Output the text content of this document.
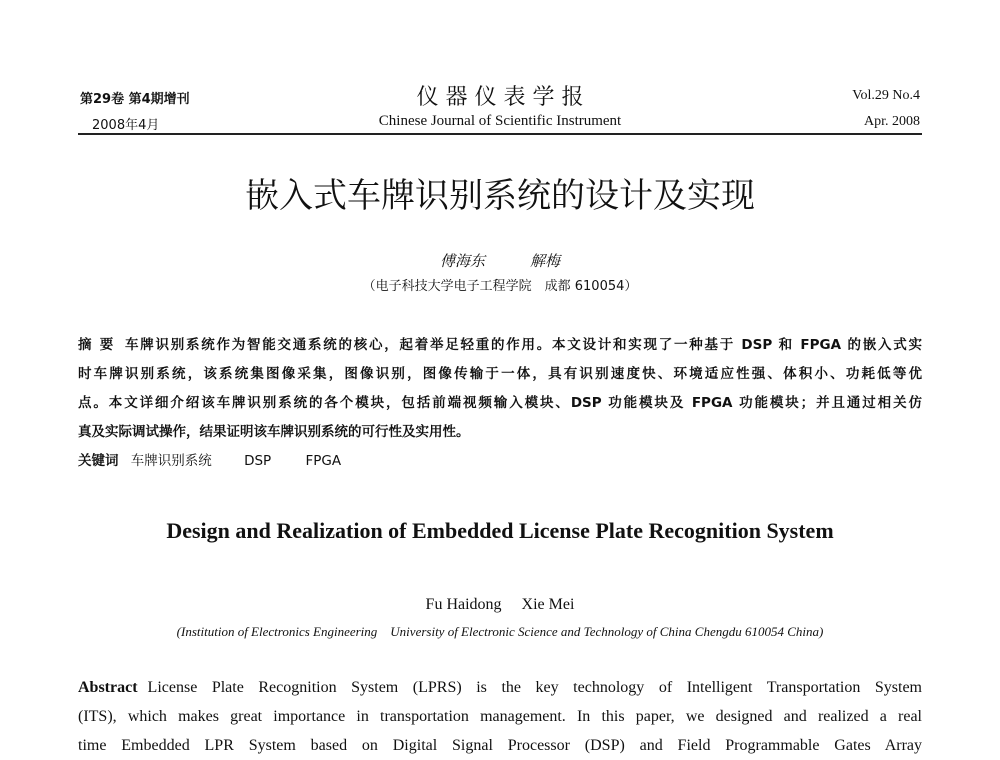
第29卷 第4期增刊
2008年4月
仪 器 仪 表 学 报
Chinese Journal of Scientific Instrument
Vol.29 No.4
Apr. 2008
嵌入式车牌识别系统的设计及实现
傅海东　　　解梅
（电子科技大学电子工程学院　成都 610054）
摘 要 车牌识别系统作为智能交通系统的核心，起着举足轻重的作用。本文设计和实现了一种基于 DSP 和 FPGA 的嵌入式实
时车牌识别系统，该系统集图像采集，图像识别，图像传输于一体，具有识别速度快、环境适应性强、体积小、功耗低等优
点。本文详细介绍该车牌识别系统的各个模块，包括前端视频输入模块、DSP 功能模块及 FPGA 功能模块；并且通过相关仿
真及实际调试操作，结果证明该车牌识别系统的可行性及实用性。
关键词 车牌识别系统 DSP	FPGA
Design and Realization of Embedded License Plate Recognition System
Fu Haidong　 Xie Mei
(Institution of Electronics Engineering　University of Electronic Science and Technology of China Chengdu 610054 China)
Abstract License Plate Recognition System (LPRS) is the key technology of Intelligent Transportation System
(ITS), which makes great importance in transportation management. In this paper, we designed and realized a real
time Embedded LPR System based on Digital Signal Processor (DSP) and Field Programmable Gates Array
